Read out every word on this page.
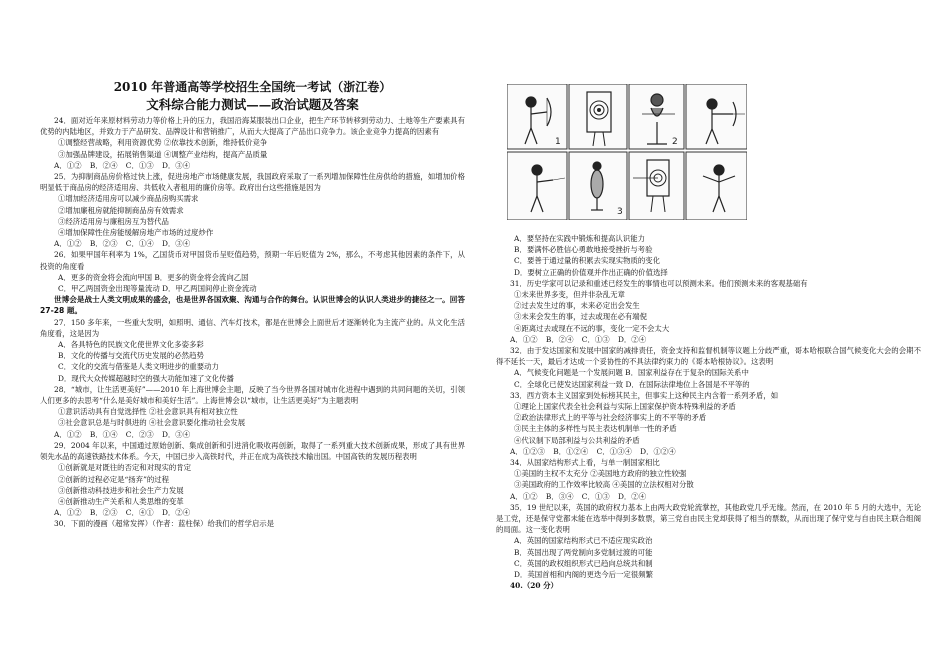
2010 年普通高等学校招生全国统一考试（浙江卷）
文科综合能力测试——政治试题及答案

24．面对近年来原材料劳动力等价格上升的压力，我国沿海某服装出口企业，把生产环节转移到劳动力、土地等生产要素具有优势的内陆地区，并致力于产品研发、品牌设计和营销推广，从而大大提高了产品出口竞争力。该企业竞争力提高的因素有

①调整经营战略，利用资源优势 ②依靠技术创新，维持低价竞争

③加强品牌建设，拓展销售渠道 ④调整产业结构，提高产品质量

A．①② B．②④ C．①③ D．③④

25．为抑制商品房价格过快上涨，促进房地产市场健康发展，我国政府采取了一系列增加保障性住房供给的措施，如增加价格明显低于商品房的经济适用房、共低收入者租用的廉价房等。政府出台这些措施是因为

①增加经济适用房可以减少商品房购买需求

②增加廉租房就能抑制商品房有效需求

③经济适用房与廉租房互为替代品

④增加保障性住房能缓解房地产市场的过度炒作

A．①② B．②③ C．①④ D．③④

26．如果甲国年利率为 1%，乙国货币对甲国货币呈贬值趋势，预期一年后贬值为 2%，那么，不考虑其他因素的条件下，从投资的角度看

A．更多的资金将会流向甲国 B．更多的资金将会流向乙国

C．甲乙两国资金出现等量流动 D．甲乙两国间停止资金流动

世博会是战士人类文明成果的盛会，也是世界各国欢聚、沟通与合作的舞台。认识世博会的认识人类进步的捷径之一。回答 27-28 题。

27．150 多年来，一些重大发明，如照明、通信、汽车灯技术，都是在世博会上面世后才逐渐转化为主流产业的。从文化生活角度看，这是因为

A．各具特色的民族文化使世界文化多姿多彩

B．文化的传播与交流代历史发展的必然趋势

C．文化的交流与借鉴是人类文明进步的重要动力

D．现代大众传媒超越时空的强大功能加速了文化传播

28．“城市，让生活更美好”——2010 年上海世博会主题，反映了当今世界各国对城市化进程中遇到的共同问题的关切，引领人们更多的去思考“什么是美好城市和美好生活”。上海世博会以“城市，让生活更美好”为主题表明

①意识活动具有自觉选择性 ②社会意识具有相对独立性

③社会意识总是与时俱进的 ④社会意识要化推动社会发展

A．①② B．①④ C．②③ D．③④

29．2004 年以来，中国通过原始创新、集成创新和引进消化吸收再创新，取得了一系列重大技术创新成果，形成了具有世界领先水品的高速铁路技术体系。今天，中国已步入高铁时代，并正在成为高铁技术输出国。中国高铁的发展历程表明

①创新就是对既往的否定和对现实的肯定

②创新的过程必定是“扬弃”的过程

③创新推动科技进步和社会生产力发展

④创新推动生产关系和人类思维的变革

A．①② B．②③ C．④① D．②④

30．下面的漫画（超常发挥）（作者：蓝柱保）给我们的哲学启示是

1	2
3

A．要坚持在实践中锻炼和提高认识能力

B．要满怀必胜信心勇敢地接受挫折与考验

C．要善于通过量的积累去实现实物质的变化

D．要树立正确的价值观并作出正确的价值选择

31．历史学家可以记录和重述已经发生的事情也可以预测未来。他们预测未来的客观基础有

①未来世界多变，但并非杂乱无章

②过去发生过的事，未来必定出会发生

③未来会发生的事，过去或现在必有端倪

④距离过去或现在不远的事，变化一定不会太大

A．①② B．②④ C．①③ D．②④

32．由于发达国家和发展中国家的减排责任，资金支持和监督机制等议题上分歧严重，哥本哈根联合国气候变化大会的会期不得不延长一天，最后才达成一个妥协性的不具法律约束力的《哥本哈根协议》。这表明

A．气候变化问题是一个发展问题 B．国家利益存在于复杂的国际关系中

C．全球化已使发达国家利益一致 D．在国际法律地位上各国是不平等的

33．西方资本主义国家到处标榜其民主，但事实上这种民主内含着一系列矛盾，如

①理论上国家代表全社会利益与实际上国家保护资本特殊利益的矛盾

②政治法律形式上的平等与社会经济事实上的不平等的矛盾

③民主主体的多样性与民主表达机制单一性的矛盾

④代议制下局部利益与公共利益的矛盾

A．①②③ B．①②④ C．①③④ D．①②④

34．从国家结构形式上看，与单一制国家相比

①美国的主权不太充分 ②美国地方政府的独立性较强

③美国政府的工作效率比较高 ④美国的立法权相对分散

A．①② B．③④ C．①③ D．②④

35．19 世纪以来，英国的政府权力基本上由两大政党轮流掌控，其他政党几乎无缘。然而，在 2010 年 5 月的大选中，无论是工党，还是保守党都未能在选举中得到多数票，第三党自由民主党却获得了相当的票数，从而出现了保守党与自由民主联合组阁的局面。这一变化表明

A．英国的国家结构形式已不适应现实政治

B．英国出现了两党制向多党制过渡的可能

C．英国的政权组织形式已趋向总统共和制

D．英国首相和内阁的更迭今后一定很频繁

40.（20 分）
